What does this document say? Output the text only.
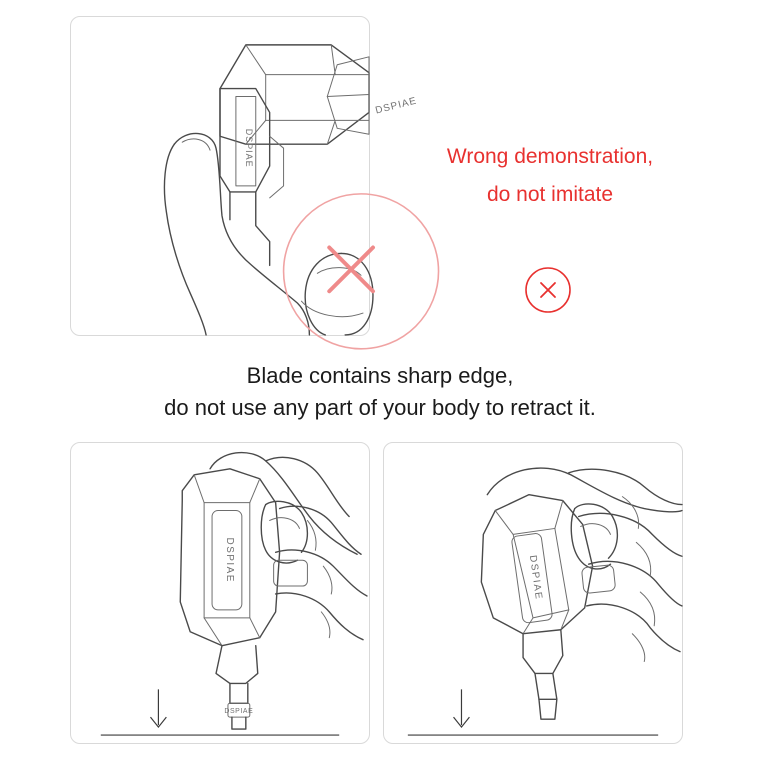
DSPIAE
DSPIAE	Wrong demonstration,
do not imitate
Blade contains sharp edge,
do not use any part of your body to retract it.
DSPIAE
DSPIAE
DSPIAE
